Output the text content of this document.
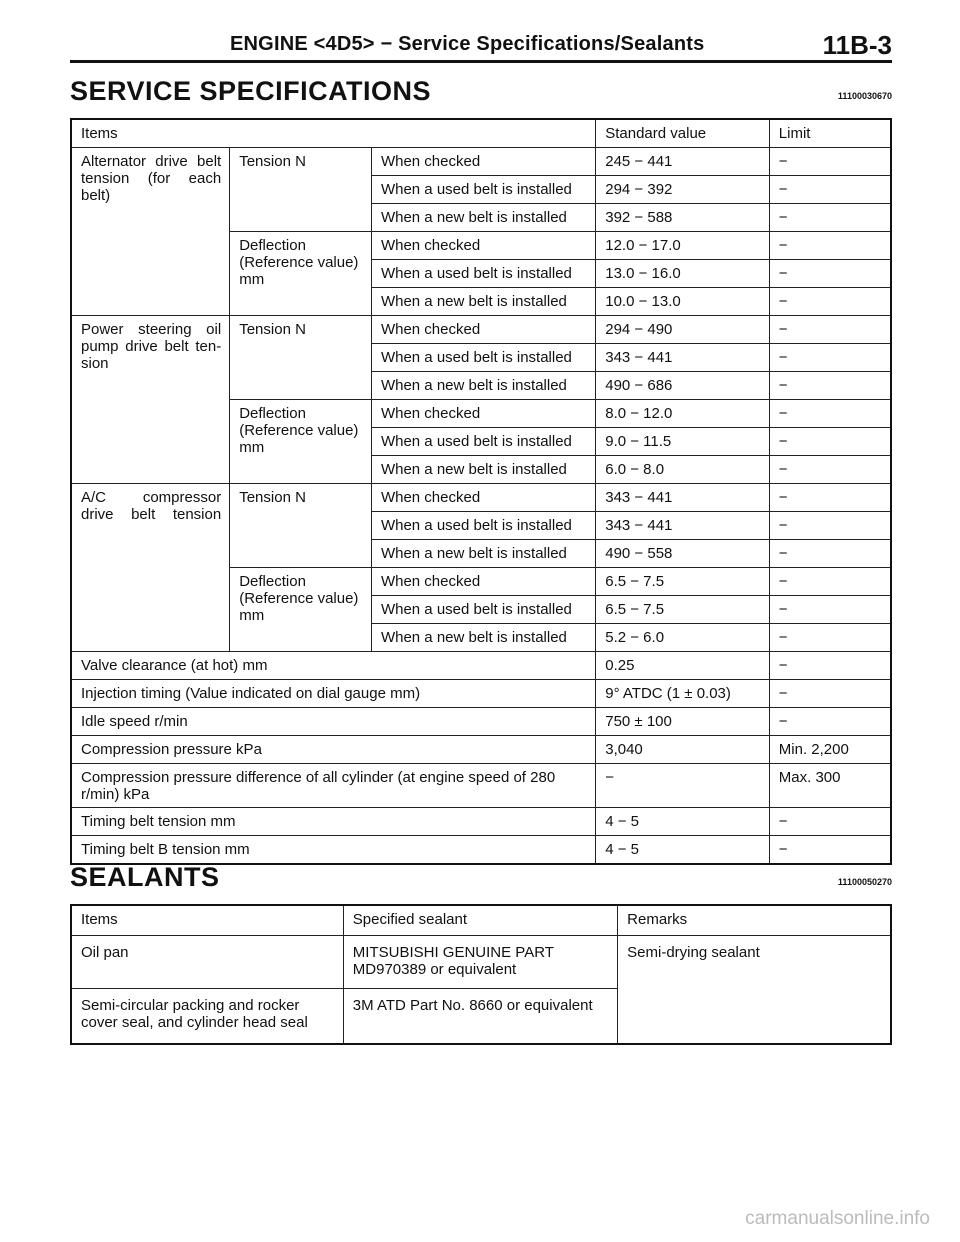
ENGINE <4D5> − Service Specifications/Sealants	11B-3
SERVICE SPECIFICATIONS	11100030670
Items			Standard value	Limit
Alternator drive belt tension (for each belt)	Tension N	When checked	245 − 441	−
		When a used belt is installed	294 − 392	−
		When a new belt is installed	392 − 588	−
	Deflection (Reference value) mm	When checked	12.0 − 17.0	−
		When a used belt is installed	13.0 − 16.0	−
		When a new belt is installed	10.0 − 13.0	−
Power steering oil pump drive belt ten- sion	Tension N	When checked	294 − 490	−
		When a used belt is installed	343 − 441	−
		When a new belt is installed	490 − 686	−
	Deflection (Reference value) mm	When checked	8.0 − 12.0	−
		When a used belt is installed	9.0 − 11.5	−
		When a new belt is installed	6.0 − 8.0	−
A/C compressor drive belt tension	Tension N	When checked	343 − 441	−
		When a used belt is installed	343 − 441	−
		When a new belt is installed	490 − 558	−
	Deflection (Reference value) mm	When checked	6.5 − 7.5	−
		When a used belt is installed	6.5 − 7.5	−
		When a new belt is installed	5.2 − 6.0	−
Valve clearance (at hot) mm			0.25	−
Injection timing (Value indicated on dial gauge mm)			9° ATDC (1 ± 0.03)	−
Idle speed r/min			750 ± 100	−
Compression pressure kPa			3,040	Min. 2,200
Compression pressure difference of all cylinder (at engine speed of 280 r/min) kPa			−	Max. 300
Timing belt tension mm			4 − 5	−
Timing belt B tension mm			4 − 5	−
SEALANTS	11100050270
Items	Specified sealant	Remarks
Oil pan	MITSUBISHI GENUINE PART MD970389 or equivalent	Semi-drying sealant
Semi-circular packing and rocker cover seal, and cylinder head seal	3M ATD Part No. 8660 or equivalent	
carmanualsonline.info
